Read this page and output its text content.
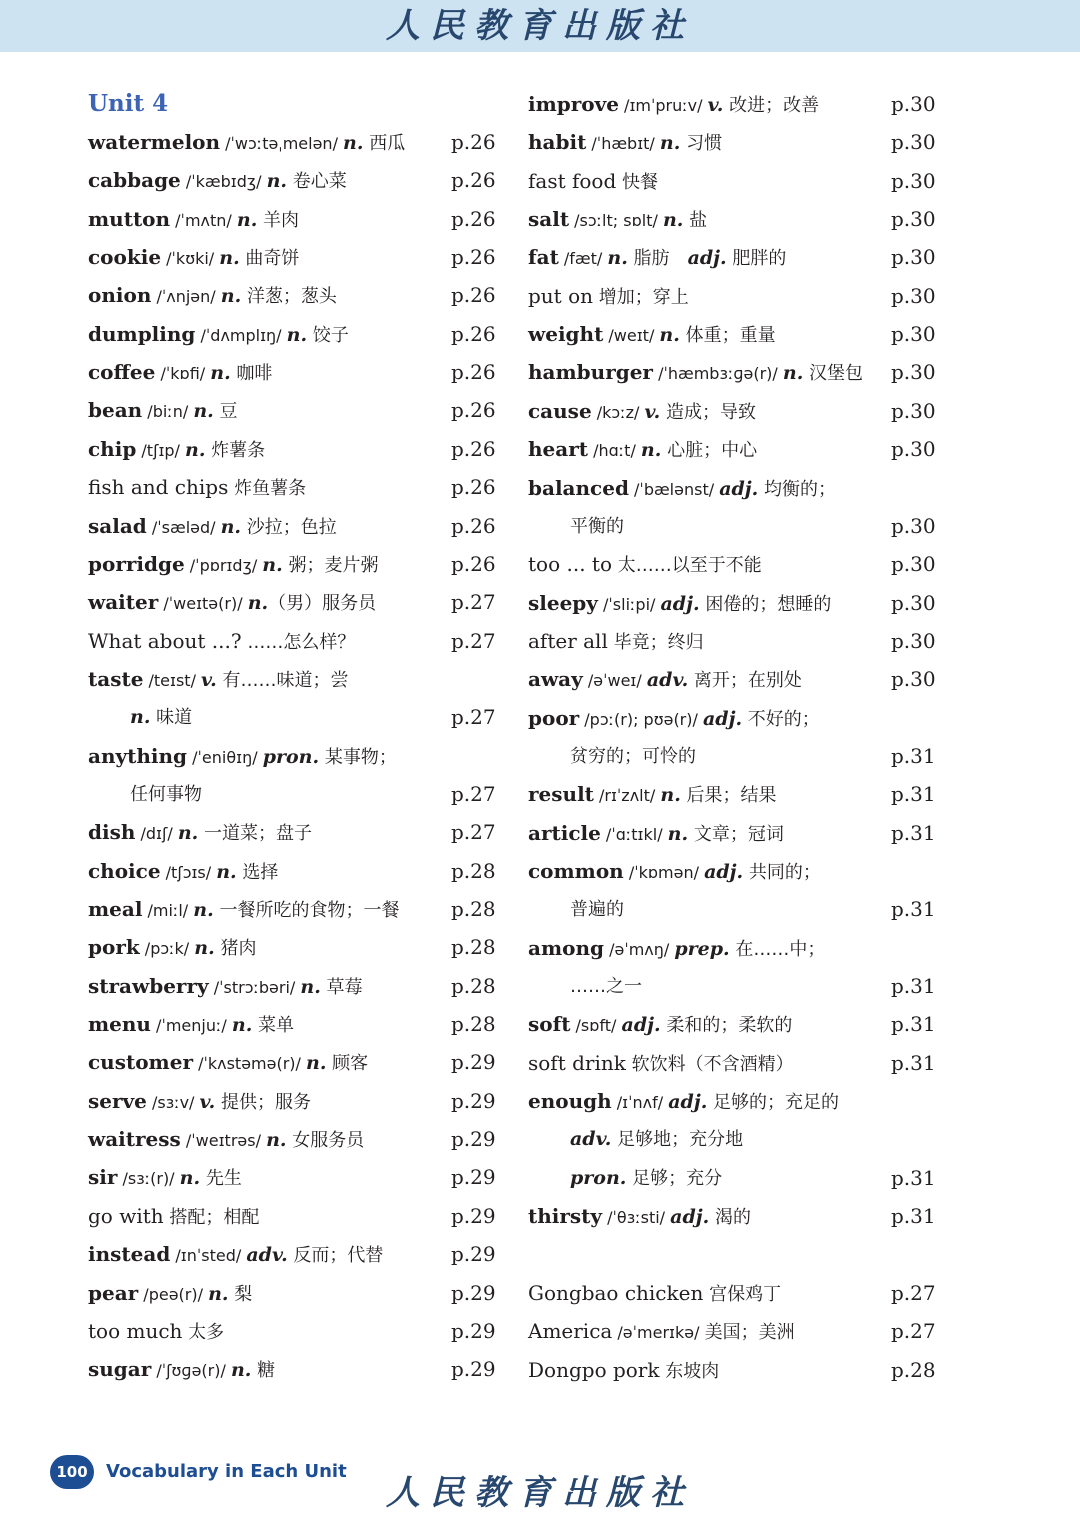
人民教育出版社
Unit 4
watermelon /ˈwɔːtəˌmelən/ n. 西瓜 p.26
cabbage /ˈkæbɪdʒ/ n. 卷心菜	p.26
mutton /ˈmʌtn/ n. 羊肉	p.26
cookie /ˈkʊki/ n. 曲奇饼	p.26
onion /ˈʌnjən/ n. 洋葱；葱头	p.26
dumpling /ˈdʌmplɪŋ/ n. 饺子	p.26
coffee /ˈkɒfi/ n. 咖啡	p.26
bean /biːn/ n. 豆	p.26
chip /tʃɪp/ n. 炸薯条	p.26
fish and chips 炸鱼薯条	p.26
salad /ˈsæləd/ n. 沙拉；色拉	p.26
porridge /ˈpɒrɪdʒ/ n. 粥；麦片粥	p.26
waiter /ˈweɪtə(r)/ n.（男）服务员	p.27
What about ...? ……怎么样？	p.27
taste /teɪst/ v. 有……味道；尝
n. 味道	p.27
anything /ˈeniθɪŋ/ pron. 某事物；
任何事物	p.27
dish /dɪʃ/ n. 一道菜；盘子	p.27
choice /tʃɔɪs/ n. 选择	p.28
meal /miːl/ n. 一餐所吃的食物；一餐	p.28
pork /pɔːk/ n. 猪肉	p.28
strawberry /ˈstrɔːbəri/ n. 草莓	p.28
menu /ˈmenjuː/ n. 菜单	p.28
customer /ˈkʌstəmə(r)/ n. 顾客	p.29
serve /sɜːv/ v. 提供；服务	p.29
waitress /ˈweɪtrəs/ n. 女服务员	p.29
sir /sɜː(r)/ n. 先生	p.29
go with 搭配；相配	p.29
instead /ɪnˈsted/ adv. 反而；代替	p.29
pear /peə(r)/ n. 梨	p.29
too much 太多	p.29
sugar /ˈʃʊɡə(r)/ n. 糖	p.29
improve /ɪmˈpruːv/ v. 改进；改善	p.30
habit /ˈhæbɪt/ n. 习惯	p.30
fast food 快餐	p.30
salt /sɔːlt; sɒlt/ n. 盐	p.30
fat /fæt/ n. 脂肪　adj. 肥胖的	p.30
put on 增加；穿上	p.30
weight /weɪt/ n. 体重；重量	p.30
hamburger /ˈhæmbɜːɡə(r)/ n. 汉堡包 p.30
cause /kɔːz/ v. 造成；导致	p.30
heart /hɑːt/ n. 心脏；中心	p.30
balanced /ˈbælənst/ adj. 均衡的；
平衡的	p.30
too ... to 太……以至于不能	p.30
sleepy /ˈsliːpi/ adj. 困倦的；想睡的	p.30
after all 毕竟；终归	p.30
away /əˈweɪ/ adv. 离开；在别处	p.30
poor /pɔː(r); pʊə(r)/ adj. 不好的；
贫穷的；可怜的	p.31
result /rɪˈzʌlt/ n. 后果；结果	p.31
article /ˈɑːtɪkl/ n. 文章；冠词	p.31
common /ˈkɒmən/ adj. 共同的；
普遍的	p.31
among /əˈmʌŋ/ prep. 在……中；
……之一	p.31
soft /sɒft/ adj. 柔和的；柔软的	p.31
soft drink 软饮料（不含酒精）	p.31
enough /ɪˈnʌf/ adj. 足够的；充足的
adv. 足够地；充分地
pron. 足够；充分	p.31
thirsty /ˈθɜːsti/ adj. 渴的	p.31
Gongbao chicken 宫保鸡丁	p.27
America /əˈmerɪkə/ 美国；美洲	p.27
Dongpo pork 东坡肉	p.28
100	Vocabulary in Each Unit
人民教育出版社
